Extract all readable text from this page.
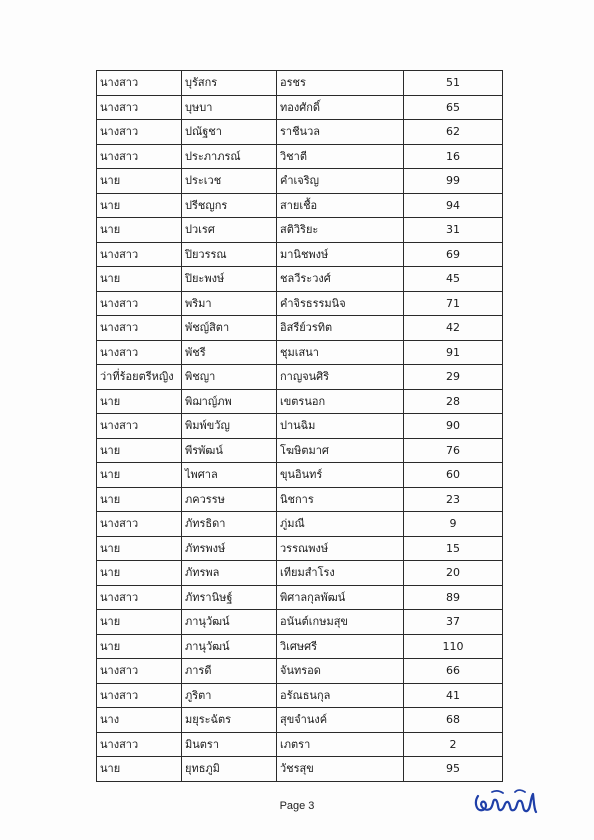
นางสาว	บุรัสกร	อรชร	51
นางสาว	บุษบา	ทองศักดิ์	65
นางสาว	ปณัฐชา	ราชีนวล	62
นางสาว	ประภาภรณ์	วิชาตี	16
นาย	ประเวช	คำเจริญ	99
นาย	ปรีชญกร	สายเชื้อ	94
นาย	ปวเรศ	สติวิริยะ	31
นางสาว	ปิยวรรณ	มานิชพงษ์	69
นาย	ปิยะพงษ์	ชลวีระวงศ์	45
นางสาว	พริมา	คำจิรธรรมนิจ	71
นางสาว	พัชญ์สิตา	อิสรีย์วรทิต	42
นางสาว	พัชรี	ชุมเสนา	91
ว่าที่ร้อยตรีหญิง	พิชญา	กาญจนศิริ	29
นาย	พิฌาญ์ภพ	เขตรนอก	28
นางสาว	พิมพ์ขวัญ	ปานฉิม	90
นาย	พีรพัฒน์	โฆษิตมาศ	76
นาย	ไพศาล	ขุนอินทร์	60
นาย	ภควรรษ	นิชการ	23
นางสาว	ภัทรธิดา	ภู่มณี	9
นาย	ภัทรพงษ์	วรรณพงษ์	15
นาย	ภัทรพล	เทียมสำโรง	20
นางสาว	ภัทรานิษฐ์	พิศาลกุลพัฒน์	89
นาย	ภานุวัฒน์	อนันต์เกษมสุข	37
นาย	ภานุวัฒน์	วิเศษศรี	110
นางสาว	ภารดี	จันทรอด	66
นางสาว	ภูริตา	อรัณธนกุล	41
นาง	มยุระฉัตร	สุขจำนงค์	68
นางสาว	มินตรา	เภตรา	2
นาย	ยุทธภูมิ	วัชรสุข	95
Page 3
